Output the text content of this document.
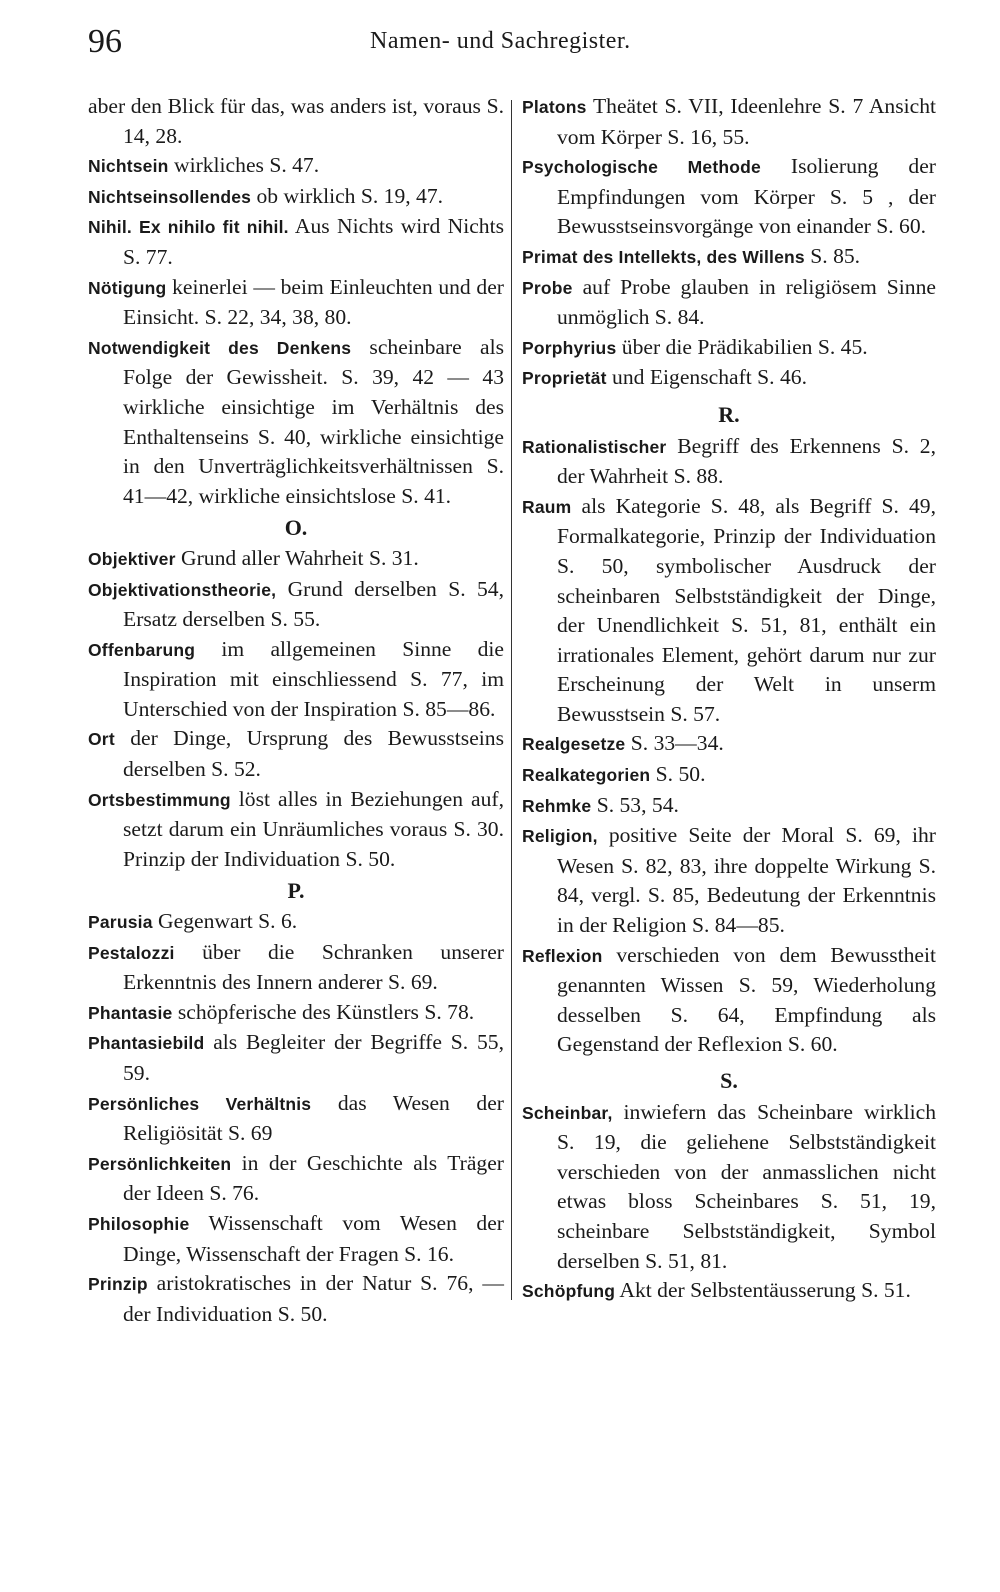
96	Namen- und Sachregister.

aber den Blick für das, was anders ist, voraus S. 14, 28.

Nichtsein wirkliches S. 47.

Nichtseinsollendes ob wirklich S. 19, 47.

Nihil. Ex nihilo fit nihil. Aus Nichts wird Nichts S. 77.

Nötigung keinerlei — beim Einleuchten und der Einsicht. S. 22, 34, 38, 80.

Notwendigkeit des Denkens scheinbare als Folge der Gewissheit. S. 39, 42 — 43 wirkliche einsichtige im Verhältnis des Enthaltenseins S. 40, wirkliche einsichtige in den Unverträglichkeitsverhältnissen S. 41—42, wirkliche einsichtslose S. 41.

O.

Objektiver Grund aller Wahrheit S. 31.

Objektivationstheorie, Grund derselben S. 54, Ersatz derselben S. 55.

Offenbarung im allgemeinen Sinne die Inspiration mit einschliessend S. 77, im Unterschied von der Inspiration S. 85—86.

Ort der Dinge, Ursprung des Bewusstseins derselben S. 52.

Ortsbestimmung löst alles in Beziehungen auf, setzt darum ein Unräumliches voraus S. 30. Prinzip der Individuation S. 50.

P.

Parusia Gegenwart S. 6.

Pestalozzi über die Schranken unserer Erkenntnis des Innern anderer S. 69.

Phantasie schöpferische des Künstlers S. 78.

Phantasiebild als Begleiter der Begriffe S. 55, 59.

Persönliches Verhältnis das Wesen der Religiösität S. 69

Persönlichkeiten in der Geschichte als Träger der Ideen S. 76.

Philosophie Wissenschaft vom Wesen der Dinge, Wissenschaft der Fragen S. 16.

Prinzip aristokratisches in der Natur S. 76, — der Individuation S. 50.

Platons Theätet S. VII, Ideenlehre S. 7 Ansicht vom Körper S. 16, 55.

Psychologische Methode Isolierung der Empfindungen vom Körper S. 5 , der Bewusstseinsvorgänge von einander S. 60.

Primat des Intellekts, des Willens S. 85.

Probe auf Probe glauben in religiösem Sinne unmöglich S. 84.

Porphyrius über die Prädikabilien S. 45.

Proprietät und Eigenschaft S. 46.

R.

Rationalistischer Begriff des Erkennens S. 2, der Wahrheit S. 88.

Raum als Kategorie S. 48, als Begriff S. 49, Formalkategorie, Prinzip der Individuation S. 50, symbolischer Ausdruck der scheinbaren Selbstständigkeit der Dinge, der Unendlichkeit S. 51, 81, enthält ein irrationales Element, gehört darum nur zur Erscheinung der Welt in unserm Bewusstsein S. 57.

Realgesetze S. 33—34.

Realkategorien S. 50.

Rehmke S. 53, 54.

Religion, positive Seite der Moral S. 69, ihr Wesen S. 82, 83, ihre doppelte Wirkung S. 84, vergl. S. 85, Bedeutung der Erkenntnis in der Religion S. 84—85.

Reflexion verschieden von dem Bewusstheit genannten Wissen S. 59, Wiederholung desselben S. 64, Empfindung als Gegenstand der Reflexion S. 60.

S.

Scheinbar, inwiefern das Scheinbare wirklich S. 19, die geliehene Selbstständigkeit verschieden von der anmasslichen nicht etwas bloss Scheinbares S. 51, 19, scheinbare Selbstständigkeit, Symbol derselben S. 51, 81.

Schöpfung Akt der Selbstentäusserung S. 51.
